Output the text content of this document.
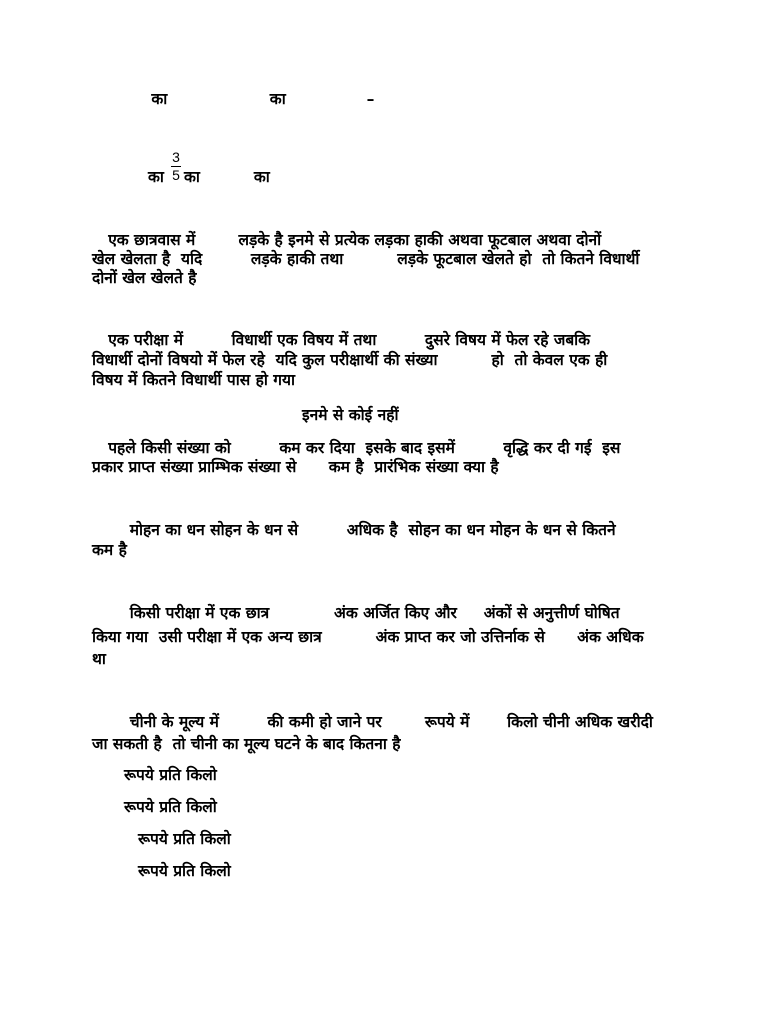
का                   का               –

का
3
5 का          का

एक छात्रवास में        लड़के है इनमे से प्रत्येक लड़का हाकी अथवा फूटबाल अथवा दोनों

खेल खेलता है  यदि         लड़के हाकी तथा          लड़के फूटबाल खेलते हो  तो कितने विधार्थी

दोनों खेल खेलते है

एक परीक्षा में         विधार्थी एक विषय में तथा         दुसरे विषय में फेल रहे जबकि

विधार्थी दोनों विषयो में फेल रहे  यदि कुल परीक्षार्थी की संख्या          हो  तो केवल एक ही

विषय में कितने विधार्थी पास हो गया

इनमे से कोई नहीं

पहले किसी संख्या को         कम कर दिया  इसके बाद इसमें         वृद्धि कर दी गई  इस

प्रकार प्राप्त संख्या प्राम्भिक संख्या से      कम है  प्रारंभिक संख्या क्या है

मोहन का धन सोहन के धन से         अधिक है  सोहन का धन मोहन के धन से कितने

कम है

किसी परीक्षा में एक छात्र            अंक अर्जित किए और     अंकों से अनुत्तीर्ण घोषित

किया गया  उसी परीक्षा में एक अन्य छात्र          अंक प्राप्त कर जो उत्तिर्नाक से      अंक अधिक

था

चीनी के मूल्य में         की कमी हो जाने पर        रूपये में       किलो चीनी अधिक खरीदी

जा सकती है  तो चीनी का मूल्य घटने के बाद कितना है

रूपये प्रति किलो

रूपये प्रति किलो

रूपये प्रति किलो

रूपये प्रति किलो
